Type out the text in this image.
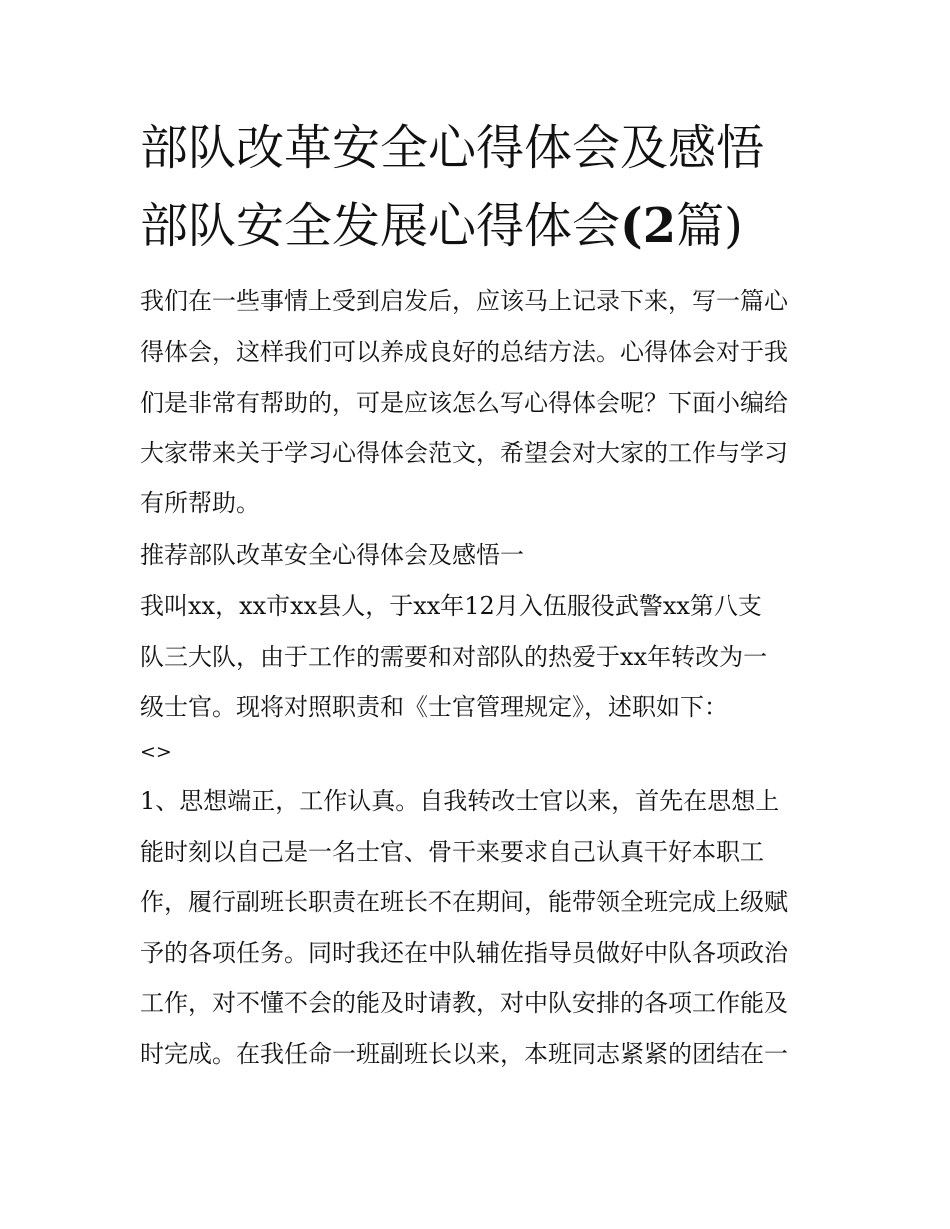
部队改革安全心得体会及感悟
部队安全发展心得体会(2篇)

我们在一些事情上受到启发后，应该马上记录下来，写一篇心

得体会，这样我们可以养成良好的总结方法。心得体会对于我

们是非常有帮助的，可是应该怎么写心得体会呢？下面小编给

大家带来关于学习心得体会范文，希望会对大家的工作与学习

有所帮助。

推荐部队改革安全心得体会及感悟一

我叫xx，xx市xx县人，于xx年12月入伍服役武警xx第八支

队三大队，由于工作的需要和对部队的热爱于xx年转改为一

级士官。现将对照职责和《士官管理规定》，述职如下：

<>

1、思想端正，工作认真。自我转改士官以来，首先在思想上

能时刻以自己是一名士官、骨干来要求自己认真干好本职工

作，履行副班长职责在班长不在期间，能带领全班完成上级赋

予的各项任务。同时我还在中队辅佐指导员做好中队各项政治

工作，对不懂不会的能及时请教，对中队安排的各项工作能及

时完成。在我任命一班副班长以来，本班同志紧紧的团结在一
